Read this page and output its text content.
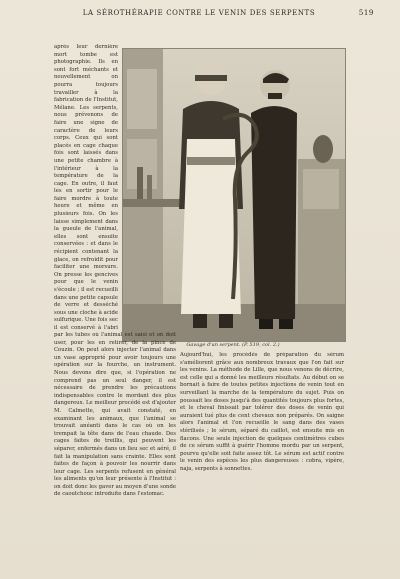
LA SÉROTHÉRAPIE CONTRE LE VENIN DES SERPENTS	519
après leur dernière mort tombe est photographie. Ils en sont fort méchants et nouvellement on pourra toujours travailler à la fabrication de l'Institut, Mélane. Les serpents, nous prévenons de faire une signe de caractère de leurs corps. Ceux qui sont placés en cage chaque fois sont laissés dans une petite chambre à l'intérieur à la température de la cage. En outre, il faut les en sortir pour le faire mordre à toute heure et même en plusieurs fois. On les laisse simplement dans la gueule de l'animal, elles sont ensuite conservées : et dans le récipient contenant la glace, on refroidit pour faciliter une morsure. On presse les gencives pour que le venin s'écoule ; il est recueilli dans une petite capsule de verre et desséché sous une cloche à acide sulfurique. Une fois sec il est conservé à l'abri
Gavage d'un serpent. (P. 519, col. 2.)
par les tubes où l'animal est saisi et on doit user, pour les en retirer, de la pince de Couzin. On peut alors injecter l'animal dans un vase approprié pour avoir toujours une opération sur la fourche, un instrument. Nous devons dire que, si l'opération ne comprend pas un seul danger, il est nécessaire de prendre les précautions indispensables contre le mordant des plus dangereux. Le meilleur procédé est d'ajouter M. Calmette, qui avait constaté, en examinant les animaux, que l'animal se trouvait anéanti dans le cas où on les trempait la tête dans de l'eau chaude. Des cages faites de treillis, qui peuvent les séparer, enfermés dans un lieu sec et aéré, il fait la manipulation sans crainte. Elles sont faites de façon à pouvoir les nourrir dans leur cage. Les serpents refusent en général les aliments qu'on leur présente à l'Institut : on doit donc les gaver au moyen d'une sonde de caoutchouc introduite dans l'estomac.
Aujourd'hui, les procédés de préparation du sérum s'améliorent grâce aux nombreux travaux que l'on fait sur les venins. La méthode de Lille, que nous venons de décrire, est celle qui a donné les meilleurs résultats. Au début on se bornait à faire de toutes petites injections de venin tout en surveillant la marche de la température du sujet. Puis on poussait les doses jusqu'à des quantités toujours plus fortes, et le cheval finissait par tolérer des doses de venin qui auraient tué plus de cent chevaux non préparés. On saigne alors l'animal et l'on recueille le sang dans des vases stérilisés ; le sérum, séparé du caillot, est ensuite mis en flacons. Une seule injection de quelques centimètres cubes de ce sérum suffit à guérir l'homme mordu par un serpent, pourvu qu'elle soit faite assez tôt. Le sérum est actif contre le venin des espèces les plus dangereuses : cobra, vipère, naja, serpents à sonnettes.
